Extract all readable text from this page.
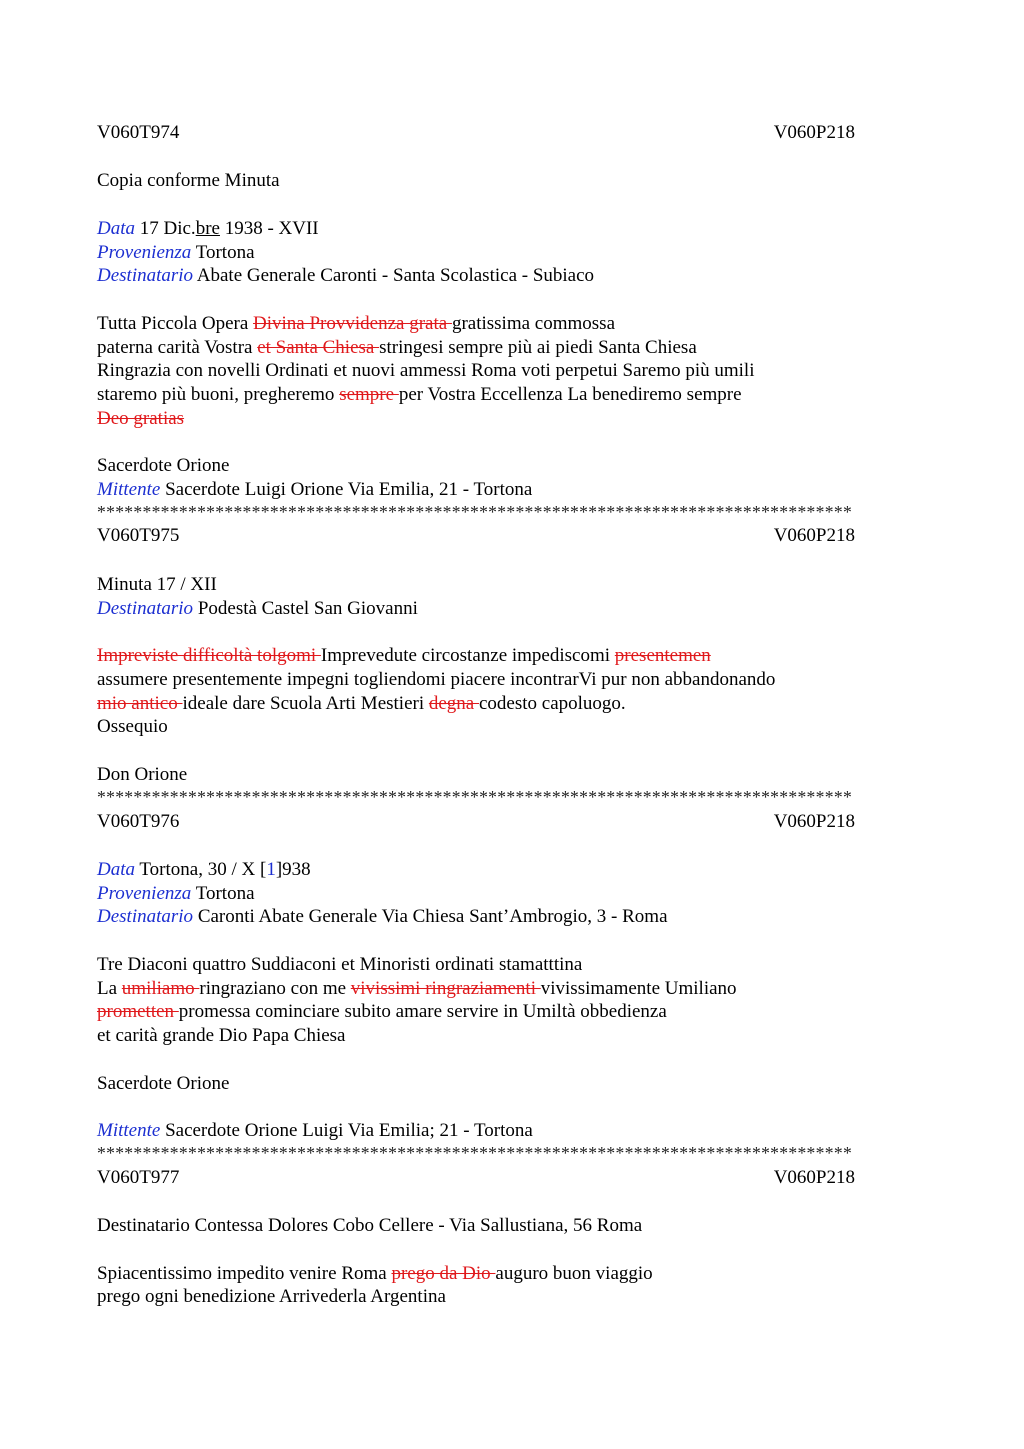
V060T974	V060P218
Copia conforme Minuta
Data 17 Dic.bre 1938 - XVII
Provenienza Tortona
Destinatario Abate Generale Caronti - Santa Scolastica - Subiaco
Tutta Piccola Opera Divina Provvidenza grata gratissima commossa
paterna carità Vostra et Santa Chiesa stringesi sempre più ai piedi Santa Chiesa
Ringrazia con novelli Ordinati et nuovi ammessi Roma voti perpetui Saremo più umili
staremo più buoni, pregheremo sempre per Vostra Eccellenza La benediremo sempre
Deo gratias
Sacerdote Orione
Mittente Sacerdote Luigi Orione Via Emilia, 21 - Tortona
***********************************************************************************
V060T975	V060P218
Minuta 17 / XII
Destinatario Podestà Castel San Giovanni
Impreviste difficoltà tolgomi Imprevedute circostanze impediscomi presentemen
assumere presentemente impegni togliendomi piacere incontrarVi pur non abbandonando
mio antico ideale dare Scuola Arti Mestieri degna codesto capoluogo.
Ossequio
Don Orione
***********************************************************************************
V060T976	V060P218
Data Tortona, 30 / X [1]938
Provenienza Tortona
Destinatario Caronti Abate Generale Via Chiesa Sant’Ambrogio, 3 - Roma
Tre Diaconi quattro Suddiaconi et Minoristi ordinati stamatttina
La umiliamo ringraziano con me vivissimi ringraziamenti vivissimamente Umiliano
prometten promessa cominciare subito amare servire in Umiltà obbedienza
et carità grande Dio Papa Chiesa
Sacerdote Orione
Mittente Sacerdote Orione Luigi Via Emilia; 21 - Tortona
***********************************************************************************
V060T977	V060P218
Destinatario Contessa Dolores Cobo Cellere - Via Sallustiana, 56 Roma
Spiacentissimo impedito venire Roma prego da Dio auguro buon viaggio
prego ogni benedizione Arrivederla Argentina
